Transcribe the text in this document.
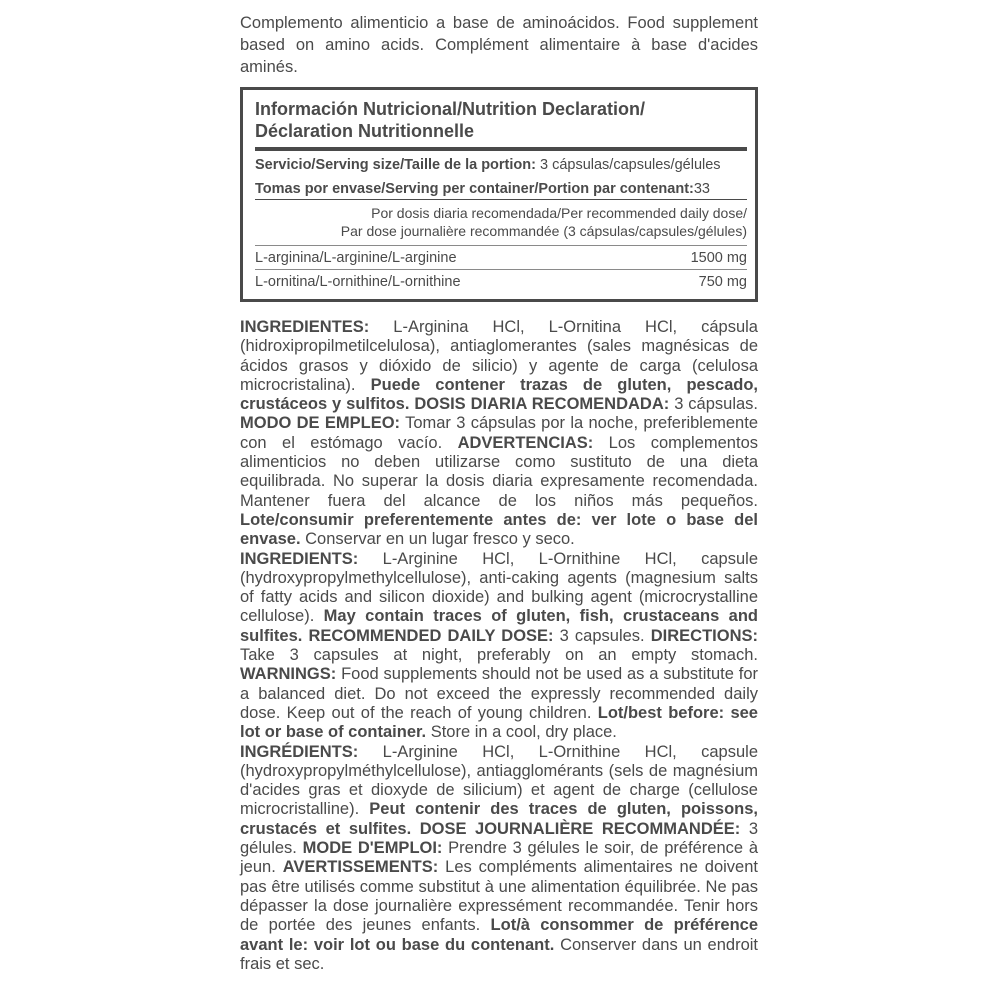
Complemento alimenticio a base de aminoácidos. Food supplement based on amino acids. Complément alimentaire à base d'acides aminés.

Información Nutricional/Nutrition Declaration/ Déclaration Nutritionnelle
Servicio/Serving size/Taille de la portion: 3 cápsulas/capsules/gélules
Tomas por envase/Serving per container/Portion par contenant:33
Por dosis diaria recomendada/Per recommended daily dose/
Par dose journalière recommandée (3 cápsulas/capsules/gélules)
L-arginina/L-arginine/L-arginine	1500 mg
L-ornitina/L-ornithine/L-ornithine	750 mg

INGREDIENTES: L-Arginina HCl, L-Ornitina HCl, cápsula (hidroxipropilmetilcelulosa), antiaglomerantes (sales magnésicas de ácidos grasos y dióxido de silicio) y agente de carga (celulosa microcristalina). Puede contener trazas de gluten, pescado, crustáceos y sulfitos. DOSIS DIARIA RECOMENDADA: 3 cápsulas. MODO DE EMPLEO: Tomar 3 cápsulas por la noche, preferiblemente con el estómago vacío. ADVERTENCIAS: Los complementos alimenticios no deben utilizarse como sustituto de una dieta equilibrada. No superar la dosis diaria expresamente recomendada. Mantener fuera del alcance de los niños más pequeños. Lote/consumir preferentemente antes de: ver lote o base del envase. Conservar en un lugar fresco y seco.

INGREDIENTS: L-Arginine HCl, L-Ornithine HCl, capsule (hydroxypropylmethylcellulose), anti-caking agents (magnesium salts of fatty acids and silicon dioxide) and bulking agent (microcrystalline cellulose). May contain traces of gluten, fish, crustaceans and sulfites. RECOMMENDED DAILY DOSE: 3 capsules. DIRECTIONS: Take 3 capsules at night, preferably on an empty stomach. WARNINGS: Food supplements should not be used as a substitute for a balanced diet. Do not exceed the expressly recommended daily dose. Keep out of the reach of young children. Lot/best before: see lot or base of container. Store in a cool, dry place.

INGRÉDIENTS: L-Arginine HCl, L-Ornithine HCl, capsule (hydroxypropylméthylcellulose), antiagglomérants (sels de magnésium d'acides gras et dioxyde de silicium) et agent de charge (cellulose microcristalline). Peut contenir des traces de gluten, poissons, crustacés et sulfites. DOSE JOURNALIÈRE RECOMMANDÉE: 3 gélules. MODE D'EMPLOI: Prendre 3 gélules le soir, de préférence à jeun. AVERTISSEMENTS: Les compléments alimentaires ne doivent pas être utilisés comme substitut à une alimentation équilibrée. Ne pas dépasser la dose journalière expressément recommandée. Tenir hors de portée des jeunes enfants. Lot/à consommer de préférence avant le: voir lot ou base du contenant. Conserver dans un endroit frais et sec.
